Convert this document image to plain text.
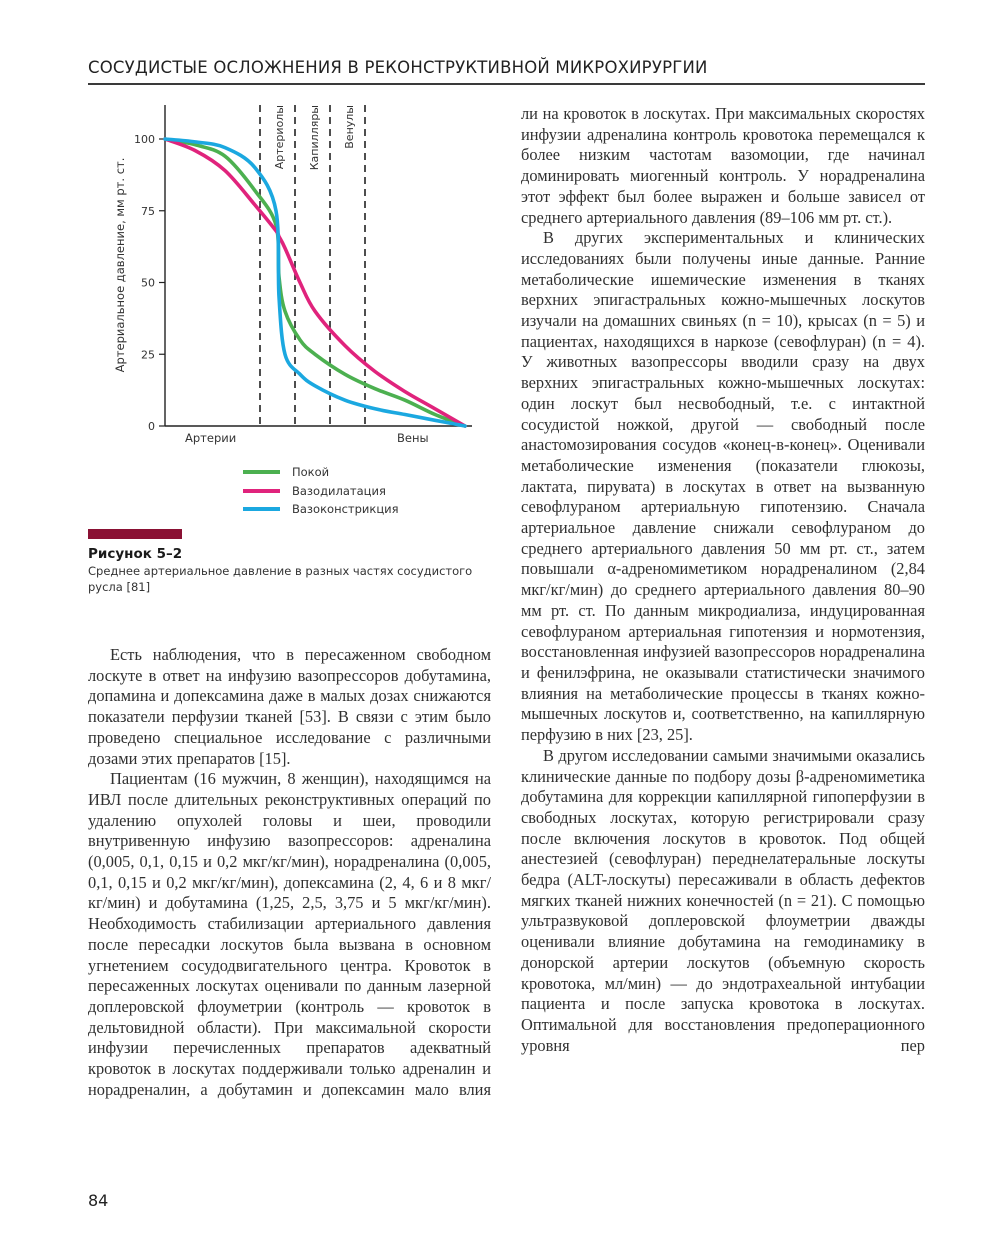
СОСУДИСТЫЕ ОСЛОЖНЕНИЯ В РЕКОНСТРУКТИВНОЙ МИКРОХИРУРГИИ
100
75
50
25
0
Артериолы Капилляры Венулы
Артериальное давление, мм рт. ст.
Артерии	Вены
Покой
Вазодилатация
Вазоконстрикция
Рисунок 5–2
Среднее артериальное давление в разных частях сосудистого русла [81]

Есть наблюдения, что в пересаженном свободном лоскуте в ответ на инфузию вазопрессоров добутамина, допамина и допексамина даже в малых дозах снижаются показатели перфузии тканей [53]. В связи с этим было проведено специальное исследование с различными дозами этих препаратов [15].

Пациентам (16 мужчин, 8 женщин), находящимся на ИВЛ после длительных реконструктивных операций по удалению опухолей головы и шеи, проводили внутривенную инфузию вазопрессоров: адреналина (0,005, 0,1, 0,15 и 0,2 мкг/кг/мин), норадреналина (0,005, 0,1, 0,15 и 0,2 мкг/кг/мин), допексамина (2, 4, 6 и 8 мкг/кг/мин) и добутамина (1,25, 2,5, 3,75 и 5 мкг/кг/мин). Необходимость стабилизации артериального давления после пересадки лоскутов была вызвана в основном угнетением сосудодвигательного центра. Кровоток в пересаженных лоскутах оценивали по данным лазерной доплеровской флоуметрии (контроль — кровоток в дельтовидной области). При максимальной скорости инфузии перечисленных препаратов адекватный кровоток в лоскутах поддерживали только адреналин и норадреналин, а добутамин и допексамин мало влия

ли на кровоток в лоскутах. При максимальных скоростях инфузии адреналина контроль кровотока перемещался к более низким частотам вазомоции, где начинал доминировать миогенный контроль. У норадреналина этот эффект был более выражен и больше зависел от среднего артериального давления (89–106 мм рт. ст.).

В других экспериментальных и клинических исследованиях были получены иные данные. Ранние метаболические ишемические изменения в тканях верхних эпигастральных кожно-мышечных лоскутов изучали на домашних свиньях (n = 10), крысах (n = 5) и пациентах, находящихся в наркозе (севофлуран) (n = 4). У животных вазопрессоры вводили сразу на двух верхних эпигастральных кожно-мышечных лоскутах: один лоскут был несвободный, т.е. с интактной сосудистой ножкой, другой — свободный после анастомозирования сосудов «конец-в-конец». Оценивали метаболические изменения (показатели глюкозы, лактата, пирувата) в лоскутах в ответ на вызванную севофлураном артериальную гипотензию. Сначала артериальное давление снижали севофлураном до среднего артериального давления 50 мм рт. ст., затем повышали α-адреномиметиком норадреналином (2,84 мкг/кг/мин) до среднего артериального давления 80–90 мм рт. ст. По данным микродиализа, индуцированная севофлураном артериальная гипотензия и нормотензия, восстановленная инфузией вазопрессоров норадреналина и фенилэфрина, не оказывали статистически значимого влияния на метаболические процессы в тканях кожно-мышечных лоскутов и, соответственно, на капиллярную перфузию в них [23, 25].

В другом исследовании самыми значимыми оказались клинические данные по подбору дозы β-адреномиметика добутамина для коррекции капиллярной гипоперфузии в свободных лоскутах, которую регистрировали сразу после включения лоскутов в кровоток. Под общей анестезией (севофлуран) переднелатеральные лоскуты бедра (ALT-лоскуты) пересаживали в область дефектов мягких тканей нижних конечностей (n = 21). С помощью ультразвуковой доплеровской флоуметрии дважды оценивали влияние добутамина на гемодинамику в донорской артерии лоскутов (объемную скорость кровотока, мл/мин) — до эндотрахеальной интубации пациента и после запуска кровотока в лоскутах. Оптимальной для восстановления предоперационного уровня пер

84
